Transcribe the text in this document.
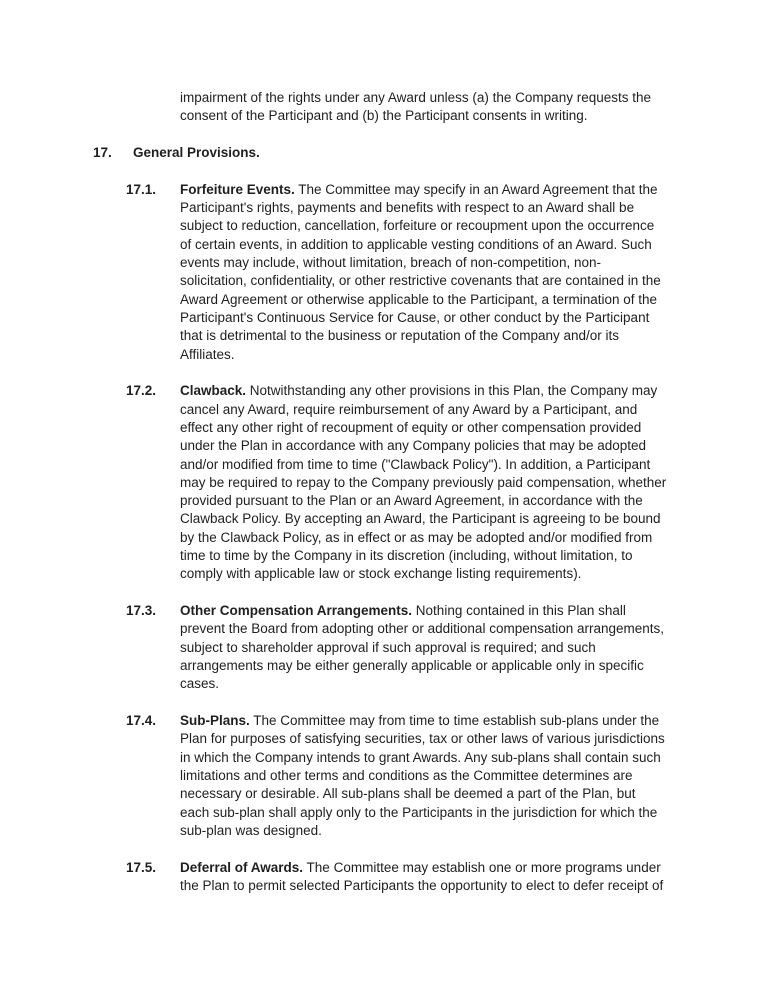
impairment of the rights under any Award unless (a) the Company requests the consent of the Participant and (b) the Participant consents in writing.

17.	General Provisions.
17.1.	Forfeiture Events. The Committee may specify in an Award Agreement that the Participant's rights, payments and benefits with respect to an Award shall be subject to reduction, cancellation, forfeiture or recoupment upon the occurrence of certain events, in addition to applicable vesting conditions of an Award. Such events may include, without limitation, breach of non-competition, non-solicitation, confidentiality, or other restrictive covenants that are contained in the Award Agreement or otherwise applicable to the Participant, a termination of the Participant's Continuous Service for Cause, or other conduct by the Participant that is detrimental to the business or reputation of the Company and/or its Affiliates.

17.2.	Clawback. Notwithstanding any other provisions in this Plan, the Company may cancel any Award, require reimbursement of any Award by a Participant, and effect any other right of recoupment of equity or other compensation provided under the Plan in accordance with any Company policies that may be adopted and/or modified from time to time ("Clawback Policy"). In addition, a Participant may be required to repay to the Company previously paid compensation, whether provided pursuant to the Plan or an Award Agreement, in accordance with the Clawback Policy. By accepting an Award, the Participant is agreeing to be bound by the Clawback Policy, as in effect or as may be adopted and/or modified from time to time by the Company in its discretion (including, without limitation, to comply with applicable law or stock exchange listing requirements).

17.3.	Other Compensation Arrangements. Nothing contained in this Plan shall prevent the Board from adopting other or additional compensation arrangements, subject to shareholder approval if such approval is required; and such arrangements may be either generally applicable or applicable only in specific cases.

17.4.	Sub-Plans. The Committee may from time to time establish sub-plans under the Plan for purposes of satisfying securities, tax or other laws of various jurisdictions in which the Company intends to grant Awards. Any sub-plans shall contain such limitations and other terms and conditions as the Committee determines are necessary or desirable. All sub-plans shall be deemed a part of the Plan, but each sub-plan shall apply only to the Participants in the jurisdiction for which the sub-plan was designed.

17.5.	Deferral of Awards. The Committee may establish one or more programs under the Plan to permit selected Participants the opportunity to elect to defer receipt of
